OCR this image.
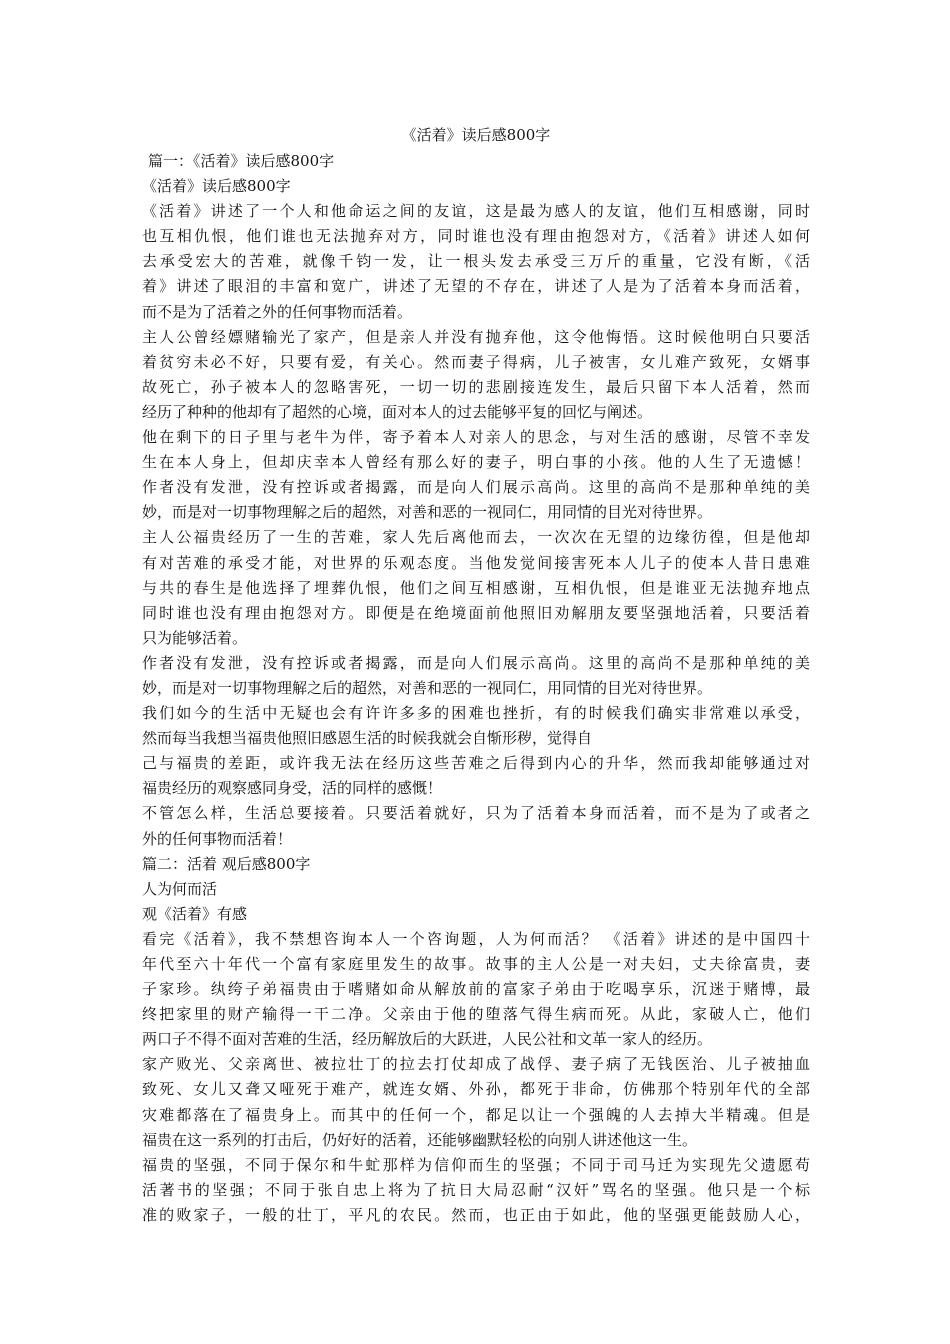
《活着》读后感800字

篇一：《活着》读后感800字

《活着》读后感800字

《活着》讲述了一个人和他命运之间的友谊，这是最为感人的友谊，他们互相感谢，同时

也互相仇恨，他们谁也无法抛弃对方，同时谁也没有理由抱怨对方，《活着》讲述人如何

去承受宏大的苦难，就像千钧一发，让一根头发去承受三万斤的重量，它没有断，《活

着》讲述了眼泪的丰富和宽广，讲述了无望的不存在，讲述了人是为了活着本身而活着，

而不是为了活着之外的任何事物而活着。

主人公曾经嫖赌输光了家产，但是亲人并没有抛弃他，这令他悔悟。这时候他明白只要活

着贫穷未必不好，只要有爱，有关心。然而妻子得病，儿子被害，女儿难产致死，女婿事

故死亡，孙子被本人的忽略害死，一切一切的悲剧接连发生，最后只留下本人活着，然而

经历了种种的他却有了超然的心境，面对本人的过去能够平复的回忆与阐述。

他在剩下的日子里与老牛为伴，寄予着本人对亲人的思念，与对生活的感谢，尽管不幸发

生在本人身上，但却庆幸本人曾经有那么好的妻子，明白事的小孩。他的人生了无遗憾！

作者没有发泄，没有控诉或者揭露，而是向人们展示高尚。这里的高尚不是那种单纯的美

妙，而是对一切事物理解之后的超然，对善和恶的一视同仁，用同情的目光对待世界。

主人公福贵经历了一生的苦难，家人先后离他而去，一次次在无望的边缘彷徨，但是他却

有对苦难的承受才能，对世界的乐观态度。当他发觉间接害死本人儿子的使本人昔日患难

与共的春生是他选择了埋葬仇恨，他们之间互相感谢，互相仇恨，但是谁亚无法抛弃地点

同时谁也没有理由抱怨对方。即便是在绝境面前他照旧劝解朋友要坚强地活着，只要活着

只为能够活着。

作者没有发泄，没有控诉或者揭露，而是向人们展示高尚。这里的高尚不是那种单纯的美

妙，而是对一切事物理解之后的超然，对善和恶的一视同仁，用同情的目光对待世界。

我们如今的生活中无疑也会有许许多多的困难也挫折，有的时候我们确实非常难以承受，

然而每当我想当福贵他照旧感恩生活的时候我就会自惭形秽，觉得自

己与福贵的差距，或许我无法在经历这些苦难之后得到内心的升华，然而我却能够通过对

福贵经历的观察感同身受，活的同样的感慨！

不管怎么样，生活总要接着。只要活着就好，只为了活着本身而活着，而不是为了或者之

外的任何事物而活着！

篇二：活着 观后感800字

人为何而活

观《活着》有感

看完《活着》，我不禁想咨询本人一个咨询题，人为何而活？ 《活着》讲述的是中国四十

年代至六十年代一个富有家庭里发生的故事。故事的主人公是一对夫妇，丈夫徐富贵，妻

子家珍。纨绔子弟福贵由于嗜赌如命从解放前的富家子弟由于吃喝享乐，沉迷于赌博，最

终把家里的财产输得一干二净。父亲由于他的堕落气得生病而死。从此，家破人亡，他们

两口子不得不面对苦难的生活，经历解放后的大跃进，人民公社和文革一家人的经历。

家产败光、父亲离世、被拉壮丁的拉去打仗却成了战俘、妻子病了无钱医治、儿子被抽血

致死、女儿又聋又哑死于难产，就连女婿、外孙，都死于非命，仿佛那个特别年代的全部

灾难都落在了福贵身上。而其中的任何一个，都足以让一个强魄的人去掉大半精魂。但是

福贵在这一系列的打击后，仍好好的活着，还能够幽默轻松的向别人讲述他这一生。

福贵的坚强，不同于保尔和牛虻那样为信仰而生的坚强；不同于司马迁为实现先父遗愿苟

活著书的坚强；不同于张自忠上将为了抗日大局忍耐“汉奸”骂名的坚强。他只是一个标

准的败家子，一般的壮丁，平凡的农民。然而，也正由于如此，他的坚强更能鼓励人心，
